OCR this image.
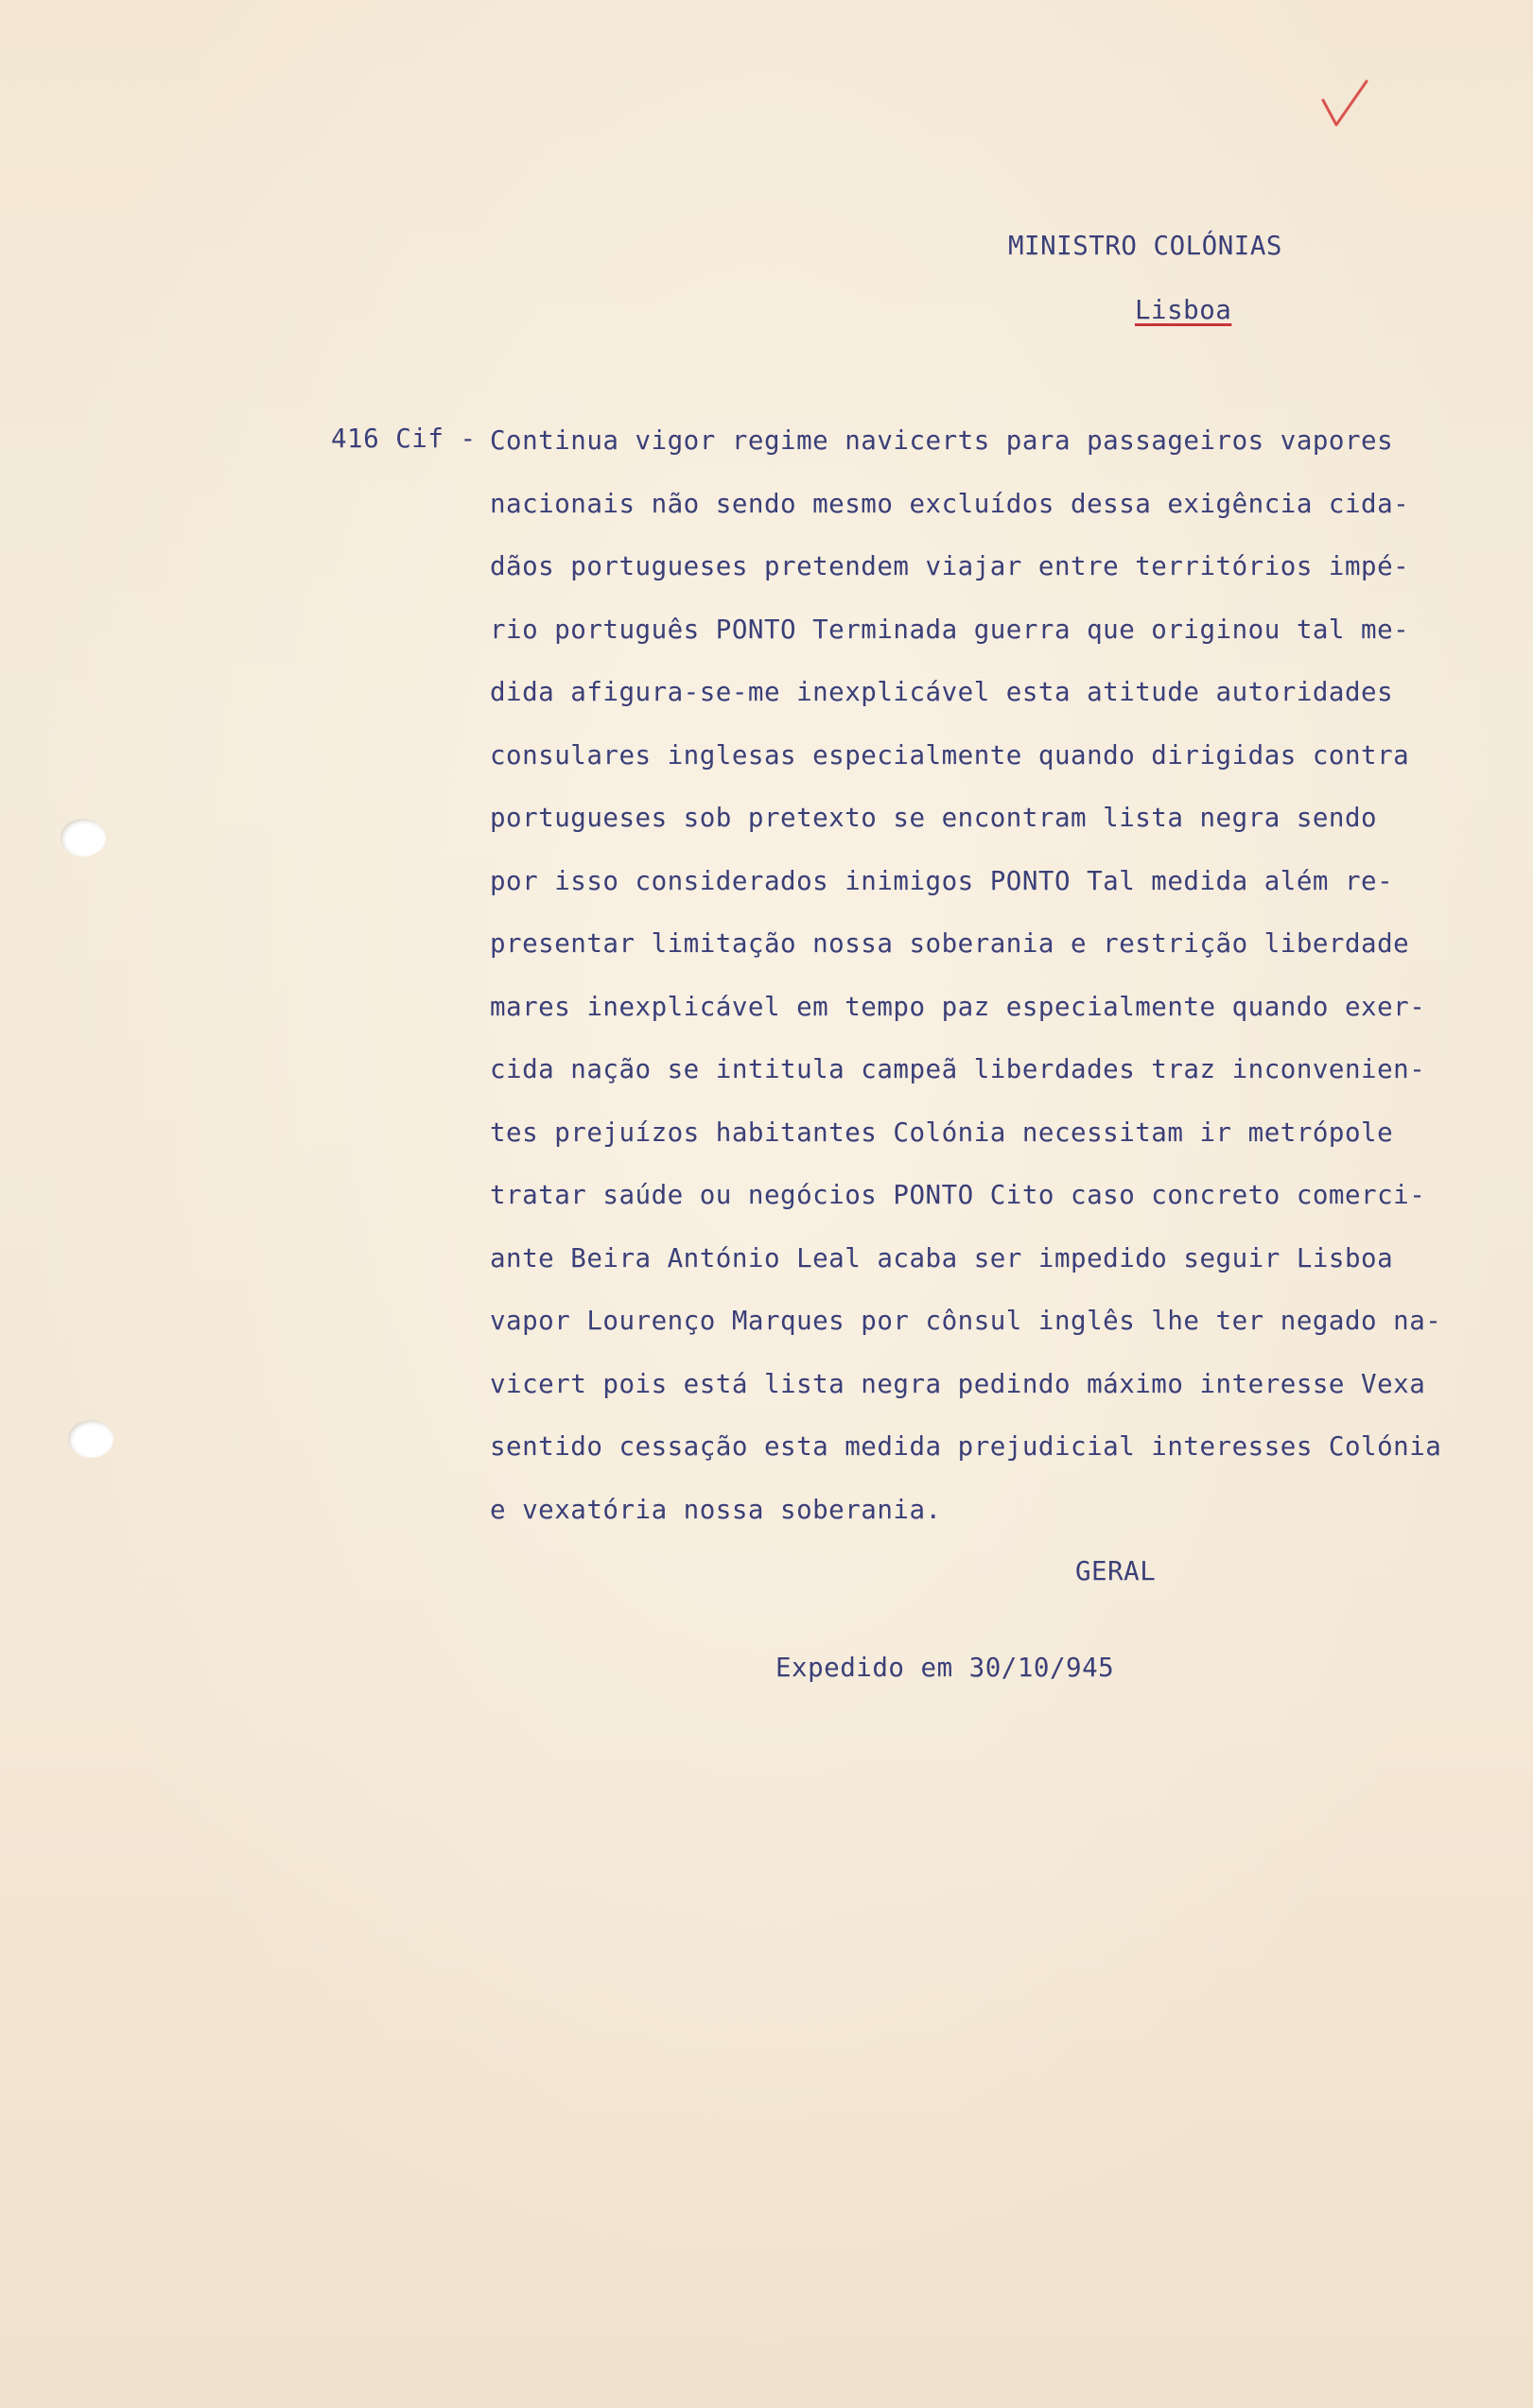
MINISTRO COLÓNIAS
Lisboa
416 Cif - Continua vigor regime navicerts para passageiros vapores
nacionais não sendo mesmo excluídos dessa exigência cida-
dãos portugueses pretendem viajar entre territórios impé-
rio português PONTO Terminada guerra que originou tal me-
dida afigura-se-me inexplicável esta atitude autoridades
consulares inglesas especialmente quando dirigidas contra
portugueses sob pretexto se encontram lista negra sendo
por isso considerados inimigos PONTO Tal medida além re-
presentar limitação nossa soberania e restrição liberdade
mares inexplicável em tempo paz especialmente quando exer-
cida nação se intitula campeã liberdades traz inconvenien-
tes prejuízos habitantes Colónia necessitam ir metrópole
tratar saúde ou negócios PONTO Cito caso concreto comerci-
ante Beira António Leal acaba ser impedido seguir Lisboa
vapor Lourenço Marques por cônsul inglês lhe ter negado na-
vicert pois está lista negra pedindo máximo interesse Vexa
sentido cessação esta medida prejudicial interesses Colónia
e vexatória nossa soberania.
GERAL
Expedido em 30/10/945
